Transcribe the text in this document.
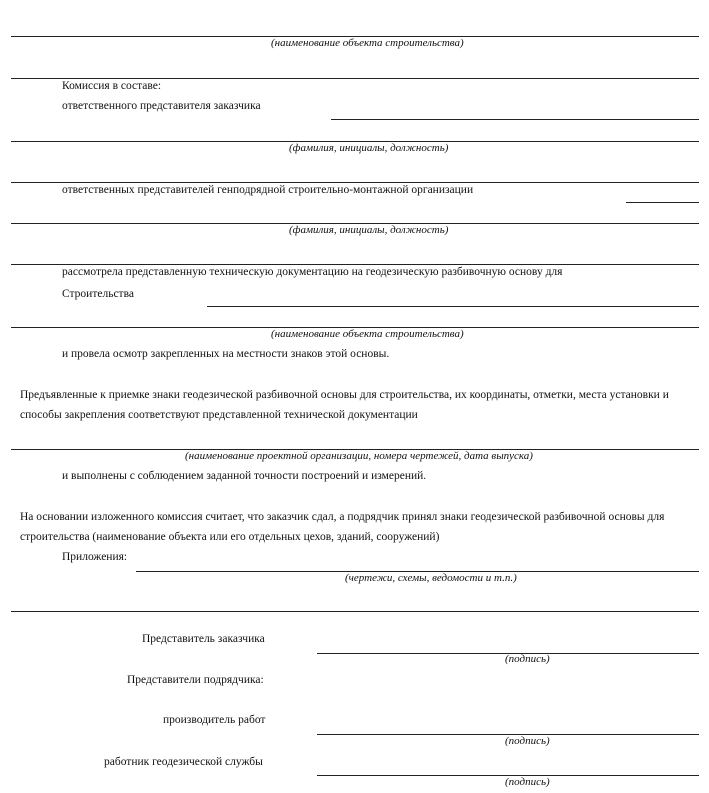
(наименование объекта строительства)
Комиссия в составе:
ответственного представителя заказчика
(фамилия, инициалы, должность)
ответственных представителей генподрядной строительно-монтажной организации
(фамилия, инициалы, должность)
рассмотрела представленную техническую документацию на геодезическую разбивочную основу для
Строительства
(наименование объекта строительства)
и провела осмотр закрепленных на местности знаков этой основы.
Предъявленные к приемке знаки геодезической разбивочной основы для строительства, их координаты, отметки, места установки и
способы закрепления соответствуют представленной технической документации
(наименование проектной организации, номера чертежей, дата выпуска)
и выполнены с соблюдением заданной точности построений и измерений.
На основании изложенного комиссия считает, что заказчик сдал, а подрядчик принял знаки геодезической разбивочной основы для
строительства (наименование объекта или его отдельных цехов, зданий, сооружений)
Приложения:
(чертежи, схемы, ведомости и т.п.)
Представитель заказчика
(подпись)
Представители подрядчика:
производитель работ
(подпись)
работник геодезической службы
(подпись)
